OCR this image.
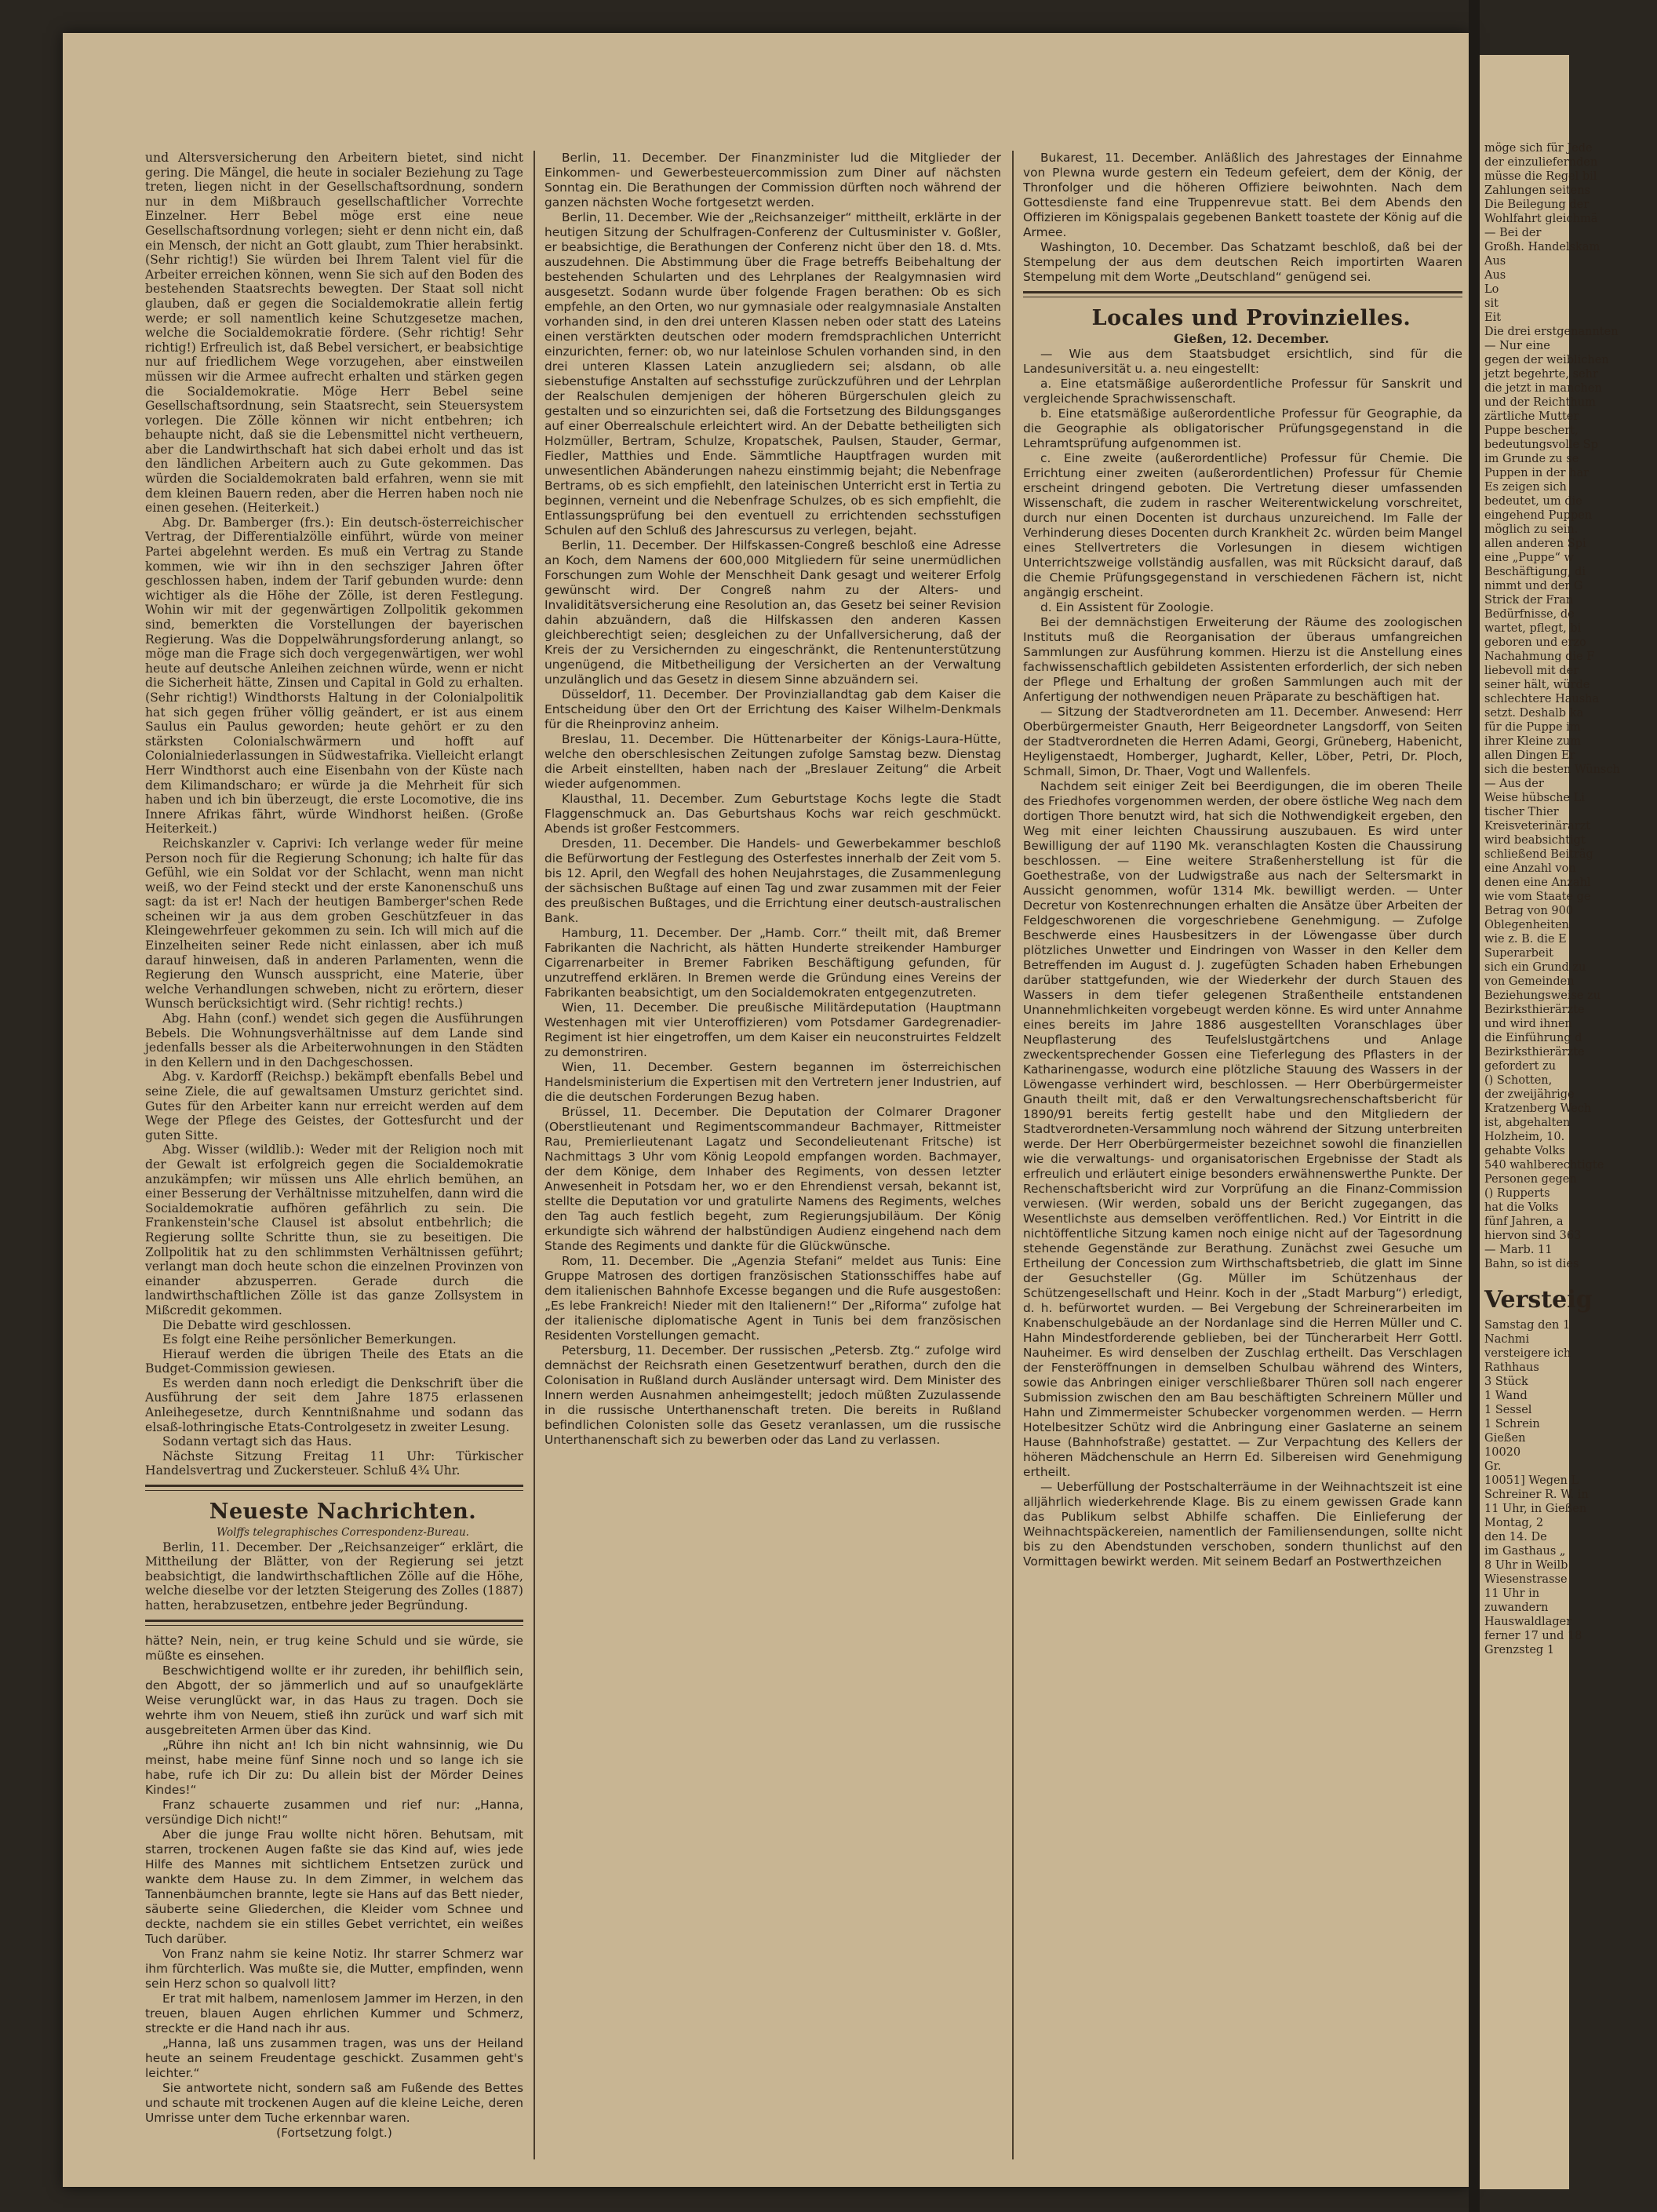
und Altersversicherung den Arbeitern bietet, sind nicht gering. Die Mängel, die heute in socialer Beziehung zu Tage treten, liegen nicht in der Gesellschaftsordnung, sondern nur in dem Mißbrauch gesellschaftlicher Vorrechte Einzelner. Herr Bebel möge erst eine neue Gesellschaftsordnung vorlegen; sieht er denn nicht ein, daß ein Mensch, der nicht an Gott glaubt, zum Thier herabsinkt. (Sehr richtig!) Sie würden bei Ihrem Talent viel für die Arbeiter erreichen können, wenn Sie sich auf den Boden des bestehenden Staatsrechts bewegten. Der Staat soll nicht glauben, daß er gegen die Socialdemokratie allein fertig werde; er soll namentlich keine Schutzgesetze machen, welche die Socialdemokratie fördere. (Sehr richtig! Sehr richtig!) Erfreulich ist, daß Bebel versichert, er beabsichtige nur auf friedlichem Wege vorzugehen, aber einstweilen müssen wir die Armee aufrecht erhalten und stärken gegen die Socialdemokratie. Möge Herr Bebel seine Gesellschaftsordnung, sein Staatsrecht, sein Steuersystem vorlegen. Die Zölle können wir nicht entbehren; ich behaupte nicht, daß sie die Lebensmittel nicht vertheuern, aber die Landwirthschaft hat sich dabei erholt und das ist den ländlichen Arbeitern auch zu Gute gekommen. Das würden die Socialdemokraten bald erfahren, wenn sie mit dem kleinen Bauern reden, aber die Herren haben noch nie einen gesehen. (Heiterkeit.)

Abg. Dr. Bamberger (frs.): Ein deutsch-österreichischer Vertrag, der Differentialzölle einführt, würde von meiner Partei abgelehnt werden. Es muß ein Vertrag zu Stande kommen, wie wir ihn in den sechsziger Jahren öfter geschlossen haben, indem der Tarif gebunden wurde: denn wichtiger als die Höhe der Zölle, ist deren Festlegung. Wohin wir mit der gegenwärtigen Zollpolitik gekommen sind, bemerkten die Vorstellungen der bayerischen Regierung. Was die Doppelwährungsforderung anlangt, so möge man die Frage sich doch vergegenwärtigen, wer wohl heute auf deutsche Anleihen zeichnen würde, wenn er nicht die Sicherheit hätte, Zinsen und Capital in Gold zu erhalten. (Sehr richtig!) Windthorsts Haltung in der Colonialpolitik hat sich gegen früher völlig geändert, er ist aus einem Saulus ein Paulus geworden; heute gehört er zu den stärksten Colonialschwärmern und hofft auf Colonialniederlassungen in Südwestafrika. Vielleicht erlangt Herr Windthorst auch eine Eisenbahn von der Küste nach dem Kilimandscharo; er würde ja die Mehrheit für sich haben und ich bin überzeugt, die erste Locomotive, die ins Innere Afrikas fährt, würde Windhorst heißen. (Große Heiterkeit.)

Reichskanzler v. Caprivi: Ich verlange weder für meine Person noch für die Regierung Schonung; ich halte für das Gefühl, wie ein Soldat vor der Schlacht, wenn man nicht weiß, wo der Feind steckt und der erste Kanonenschuß uns sagt: da ist er! Nach der heutigen Bamberger'schen Rede scheinen wir ja aus dem groben Geschützfeuer in das Kleingewehrfeuer gekommen zu sein. Ich will mich auf die Einzelheiten seiner Rede nicht einlassen, aber ich muß darauf hinweisen, daß in anderen Parlamenten, wenn die Regierung den Wunsch ausspricht, eine Materie, über welche Verhandlungen schweben, nicht zu erörtern, dieser Wunsch berücksichtigt wird. (Sehr richtig! rechts.)

Abg. Hahn (conf.) wendet sich gegen die Ausführungen Bebels. Die Wohnungsverhältnisse auf dem Lande sind jedenfalls besser als die Arbeiterwohnungen in den Städten in den Kellern und in den Dachgeschossen.

Abg. v. Kardorff (Reichsp.) bekämpft ebenfalls Bebel und seine Ziele, die auf gewaltsamen Umsturz gerichtet sind. Gutes für den Arbeiter kann nur erreicht werden auf dem Wege der Pflege des Geistes, der Gottesfurcht und der guten Sitte.

Abg. Wisser (wildlib.): Weder mit der Religion noch mit der Gewalt ist erfolgreich gegen die Socialdemokratie anzukämpfen; wir müssen uns Alle ehrlich bemühen, an einer Besserung der Verhältnisse mitzuhelfen, dann wird die Socialdemokratie aufhören gefährlich zu sein. Die Frankenstein'sche Clausel ist absolut entbehrlich; die Regierung sollte Schritte thun, sie zu beseitigen. Die Zollpolitik hat zu den schlimmsten Verhältnissen geführt; verlangt man doch heute schon die einzelnen Provinzen von einander abzusperren. Gerade durch die landwirthschaftlichen Zölle ist das ganze Zollsystem in Mißcredit gekommen.

Die Debatte wird geschlossen.

Es folgt eine Reihe persönlicher Bemerkungen.

Hierauf werden die übrigen Theile des Etats an die Budget-Commission gewiesen.

Es werden dann noch erledigt die Denkschrift über die Ausführung der seit dem Jahre 1875 erlassenen Anleihegesetze, durch Kenntnißnahme und sodann das elsaß-lothringische Etats-Controlgesetz in zweiter Lesung.

Sodann vertagt sich das Haus.

Nächste Sitzung Freitag 11 Uhr: Türkischer Handelsvertrag und Zuckersteuer. Schluß 4³⁄₄ Uhr.

Neueste Nachrichten.

Wolffs telegraphisches Correspondenz-Bureau.

Berlin, 11. December. Der „Reichsanzeiger“ erklärt, die Mittheilung der Blätter, von der Regierung sei jetzt beabsichtigt, die landwirthschaftlichen Zölle auf die Höhe, welche dieselbe vor der letzten Steigerung des Zolles (1887) hatten, herabzusetzen, entbehre jeder Begründung.

hätte? Nein, nein, er trug keine Schuld und sie würde, sie müßte es einsehen.

Beschwichtigend wollte er ihr zureden, ihr behilflich sein, den Abgott, der so jämmerlich und auf so unaufgeklärte Weise verunglückt war, in das Haus zu tragen. Doch sie wehrte ihm von Neuem, stieß ihn zurück und warf sich mit ausgebreiteten Armen über das Kind.

„Rühre ihn nicht an! Ich bin nicht wahnsinnig, wie Du meinst, habe meine fünf Sinne noch und so lange ich sie habe, rufe ich Dir zu: Du allein bist der Mörder Deines Kindes!“

Franz schauerte zusammen und rief nur: „Hanna, versündige Dich nicht!“

Aber die junge Frau wollte nicht hören. Behutsam, mit starren, trockenen Augen faßte sie das Kind auf, wies jede Hilfe des Mannes mit sichtlichem Entsetzen zurück und wankte dem Hause zu. In dem Zimmer, in welchem das Tannenbäumchen brannte, legte sie Hans auf das Bett nieder, säuberte seine Gliederchen, die Kleider vom Schnee und deckte, nachdem sie ein stilles Gebet verrichtet, ein weißes Tuch darüber.

Von Franz nahm sie keine Notiz. Ihr starrer Schmerz war ihm fürchterlich. Was mußte sie, die Mutter, empfinden, wenn sein Herz schon so qualvoll litt?

Er trat mit halbem, namenlosem Jammer im Herzen, in den treuen, blauen Augen ehrlichen Kummer und Schmerz, streckte er die Hand nach ihr aus.

„Hanna, laß uns zusammen tragen, was uns der Heiland heute an seinem Freudentage geschickt. Zusammen geht's leichter.“

Sie antwortete nicht, sondern saß am Fußende des Bettes und schaute mit trockenen Augen auf die kleine Leiche, deren Umrisse unter dem Tuche erkennbar waren.

(Fortsetzung folgt.)

Berlin, 11. December. Der Finanzminister lud die Mitglieder der Einkommen- und Gewerbesteuercommission zum Diner auf nächsten Sonntag ein. Die Berathungen der Commission dürften noch während der ganzen nächsten Woche fortgesetzt werden.

Berlin, 11. December. Wie der „Reichsanzeiger“ mittheilt, erklärte in der heutigen Sitzung der Schulfragen-Conferenz der Cultusminister v. Goßler, er beabsichtige, die Berathungen der Conferenz nicht über den 18. d. Mts. auszudehnen. Die Abstimmung über die Frage betreffs Beibehaltung der bestehenden Schularten und des Lehrplanes der Realgymnasien wird ausgesetzt. Sodann wurde über folgende Fragen berathen: Ob es sich empfehle, an den Orten, wo nur gymnasiale oder realgymnasiale Anstalten vorhanden sind, in den drei unteren Klassen neben oder statt des Lateins einen verstärkten deutschen oder modern fremdsprachlichen Unterricht einzurichten, ferner: ob, wo nur lateinlose Schulen vorhanden sind, in den drei unteren Klassen Latein anzugliedern sei; alsdann, ob alle siebenstufige Anstalten auf sechsstufige zurückzuführen und der Lehrplan der Realschulen demjenigen der höheren Bürgerschulen gleich zu gestalten und so einzurichten sei, daß die Fortsetzung des Bildungsganges auf einer Oberrealschule erleichtert wird. An der Debatte betheiligten sich Holzmüller, Bertram, Schulze, Kropatschek, Paulsen, Stauder, Germar, Fiedler, Matthies und Ende. Sämmtliche Hauptfragen wurden mit unwesentlichen Abänderungen nahezu einstimmig bejaht; die Nebenfrage Bertrams, ob es sich empfiehlt, den lateinischen Unterricht erst in Tertia zu beginnen, verneint und die Nebenfrage Schulzes, ob es sich empfiehlt, die Entlassungsprüfung bei den eventuell zu errichtenden sechsstufigen Schulen auf den Schluß des Jahrescursus zu verlegen, bejaht.

Berlin, 11. December. Der Hilfskassen-Congreß beschloß eine Adresse an Koch, dem Namens der 600,000 Mitgliedern für seine unermüdlichen Forschungen zum Wohle der Menschheit Dank gesagt und weiterer Erfolg gewünscht wird. Der Congreß nahm zu der Alters- und Invaliditätsversicherung eine Resolution an, das Gesetz bei seiner Revision dahin abzuändern, daß die Hilfskassen den anderen Kassen gleichberechtigt seien; desgleichen zu der Unfallversicherung, daß der Kreis der zu Versichernden zu eingeschränkt, die Rentenunterstützung ungenügend, die Mitbetheiligung der Versicherten an der Verwaltung unzulänglich und das Gesetz in diesem Sinne abzuändern sei.

Düsseldorf, 11. December. Der Provinziallandtag gab dem Kaiser die Entscheidung über den Ort der Errichtung des Kaiser Wilhelm-Denkmals für die Rheinprovinz anheim.

Breslau, 11. December. Die Hüttenarbeiter der Königs-Laura-Hütte, welche den oberschlesischen Zeitungen zufolge Samstag bezw. Dienstag die Arbeit einstellten, haben nach der „Breslauer Zeitung“ die Arbeit wieder aufgenommen.

Klausthal, 11. December. Zum Geburtstage Kochs legte die Stadt Flaggenschmuck an. Das Geburtshaus Kochs war reich geschmückt. Abends ist großer Festcommers.

Dresden, 11. December. Die Handels- und Gewerbekammer beschloß die Befürwortung der Festlegung des Osterfestes innerhalb der Zeit vom 5. bis 12. April, den Wegfall des hohen Neujahrstages, die Zusammenlegung der sächsischen Bußtage auf einen Tag und zwar zusammen mit der Feier des preußischen Bußtages, und die Errichtung einer deutsch-australischen Bank.

Hamburg, 11. December. Der „Hamb. Corr.“ theilt mit, daß Bremer Fabrikanten die Nachricht, als hätten Hunderte streikender Hamburger Cigarrenarbeiter in Bremer Fabriken Beschäftigung gefunden, für unzutreffend erklären. In Bremen werde die Gründung eines Vereins der Fabrikanten beabsichtigt, um den Socialdemokraten entgegenzutreten.

Wien, 11. December. Die preußische Militärdeputation (Hauptmann Westenhagen mit vier Unteroffizieren) vom Potsdamer Gardegrenadier-Regiment ist hier eingetroffen, um dem Kaiser ein neuconstruirtes Feldzelt zu demonstriren.

Wien, 11. December. Gestern begannen im österreichischen Handelsministerium die Expertisen mit den Vertretern jener Industrien, auf die die deutschen Forderungen Bezug haben.

Brüssel, 11. December. Die Deputation der Colmarer Dragoner (Oberstlieutenant und Regimentscommandeur Bachmayer, Rittmeister Rau, Premierlieutenant Lagatz und Secondelieutenant Fritsche) ist Nachmittags 3 Uhr vom König Leopold empfangen worden. Bachmayer, der dem Könige, dem Inhaber des Regiments, von dessen letzter Anwesenheit in Potsdam her, wo er den Ehrendienst versah, bekannt ist, stellte die Deputation vor und gratulirte Namens des Regiments, welches den Tag auch festlich begeht, zum Regierungsjubiläum. Der König erkundigte sich während der halbstündigen Audienz eingehend nach dem Stande des Regiments und dankte für die Glückwünsche.

Rom, 11. December. Die „Agenzia Stefani“ meldet aus Tunis: Eine Gruppe Matrosen des dortigen französischen Stationsschiffes habe auf dem italienischen Bahnhofe Excesse begangen und die Rufe ausgestoßen: „Es lebe Frankreich! Nieder mit den Italienern!“ Der „Riforma“ zufolge hat der italienische diplomatische Agent in Tunis bei dem französischen Residenten Vorstellungen gemacht.

Petersburg, 11. December. Der russischen „Petersb. Ztg.“ zufolge wird demnächst der Reichsrath einen Gesetzentwurf berathen, durch den die Colonisation in Rußland durch Ausländer untersagt wird. Dem Minister des Innern werden Ausnahmen anheimgestellt; jedoch müßten Zuzulassende in die russische Unterthanenschaft treten. Die bereits in Rußland befindlichen Colonisten solle das Gesetz veranlassen, um die russische Unterthanenschaft sich zu bewerben oder das Land zu verlassen.

Bukarest, 11. December. Anläßlich des Jahrestages der Einnahme von Plewna wurde gestern ein Tedeum gefeiert, dem der König, der Thronfolger und die höheren Offiziere beiwohnten. Nach dem Gottesdienste fand eine Truppenrevue statt. Bei dem Abends den Offizieren im Königspalais gegebenen Bankett toastete der König auf die Armee.

Washington, 10. December. Das Schatzamt beschloß, daß bei der Stempelung der aus dem deutschen Reich importirten Waaren Stempelung mit dem Worte „Deutschland“ genügend sei.

Locales und Provinzielles.

Gießen, 12. December.

— Wie aus dem Staatsbudget ersichtlich, sind für die Landesuniversität u. a. neu eingestellt:

a. Eine etatsmäßige außerordentliche Professur für Sanskrit und vergleichende Sprachwissenschaft.

b. Eine etatsmäßige außerordentliche Professur für Geographie, da die Geographie als obligatorischer Prüfungsgegenstand in die Lehramtsprüfung aufgenommen ist.

c. Eine zweite (außerordentliche) Professur für Chemie. Die Errichtung einer zweiten (außerordentlichen) Professur für Chemie erscheint dringend geboten. Die Vertretung dieser umfassenden Wissenschaft, die zudem in rascher Weiterentwickelung vorschreitet, durch nur einen Docenten ist durchaus unzureichend. Im Falle der Verhinderung dieses Docenten durch Krankheit 2c. würden beim Mangel eines Stellvertreters die Vorlesungen in diesem wichtigen Unterrichtszweige vollständig ausfallen, was mit Rücksicht darauf, daß die Chemie Prüfungsgegenstand in verschiedenen Fächern ist, nicht angängig erscheint.

d. Ein Assistent für Zoologie.

Bei der demnächstigen Erweiterung der Räume des zoologischen Instituts muß die Reorganisation der überaus umfangreichen Sammlungen zur Ausführung kommen. Hierzu ist die Anstellung eines fachwissenschaftlich gebildeten Assistenten erforderlich, der sich neben der Pflege und Erhaltung der großen Sammlungen auch mit der Anfertigung der nothwendigen neuen Präparate zu beschäftigen hat.

— Sitzung der Stadtverordneten am 11. December. Anwesend: Herr Oberbürgermeister Gnauth, Herr Beigeordneter Langsdorff, von Seiten der Stadtverordneten die Herren Adami, Georgi, Grüneberg, Habenicht, Heyligenstaedt, Homberger, Jughardt, Keller, Löber, Petri, Dr. Ploch, Schmall, Simon, Dr. Thaer, Vogt und Wallenfels.

Nachdem seit einiger Zeit bei Beerdigungen, die im oberen Theile des Friedhofes vorgenommen werden, der obere östliche Weg nach dem dortigen Thore benutzt wird, hat sich die Nothwendigkeit ergeben, den Weg mit einer leichten Chaussirung auszubauen. Es wird unter Bewilligung der auf 1190 Mk. veranschlagten Kosten die Chaussirung beschlossen. — Eine weitere Straßenherstellung ist für die Goethestraße, von der Ludwigstraße aus nach der Seltersmarkt in Aussicht genommen, wofür 1314 Mk. bewilligt werden. — Unter Decretur von Kostenrechnungen erhalten die Ansätze über Arbeiten der Feldgeschworenen die vorgeschriebene Genehmigung. — Zufolge Beschwerde eines Hausbesitzers in der Löwengasse über durch plötzliches Unwetter und Eindringen von Wasser in den Keller dem Betreffenden im August d. J. zugefügten Schaden haben Erhebungen darüber stattgefunden, wie der Wiederkehr der durch Stauen des Wassers in dem tiefer gelegenen Straßentheile entstandenen Unannehmlichkeiten vorgebeugt werden könne. Es wird unter Annahme eines bereits im Jahre 1886 ausgestellten Voranschlages über Neupflasterung des Teufelslustgärtchens und Anlage zweckentsprechender Gossen eine Tieferlegung des Pflasters in der Katharinengasse, wodurch eine plötzliche Stauung des Wassers in der Löwengasse verhindert wird, beschlossen. — Herr Oberbürgermeister Gnauth theilt mit, daß er den Verwaltungsrechenschaftsbericht für 1890/91 bereits fertig gestellt habe und den Mitgliedern der Stadtverordneten-Versammlung noch während der Sitzung unterbreiten werde. Der Herr Oberbürgermeister bezeichnet sowohl die finanziellen wie die verwaltungs- und organisatorischen Ergebnisse der Stadt als erfreulich und erläutert einige besonders erwähnenswerthe Punkte. Der Rechenschaftsbericht wird zur Vorprüfung an die Finanz-Commission verwiesen. (Wir werden, sobald uns der Bericht zugegangen, das Wesentlichste aus demselben veröffentlichen. Red.) Vor Eintritt in die nichtöffentliche Sitzung kamen noch einige nicht auf der Tagesordnung stehende Gegenstände zur Berathung. Zunächst zwei Gesuche um Ertheilung der Concession zum Wirthschaftsbetrieb, die glatt im Sinne der Gesuchsteller (Gg. Müller im Schützenhaus der Schützengesellschaft und Heinr. Koch in der „Stadt Marburg“) erledigt, d. h. befürwortet wurden. — Bei Vergebung der Schreinerarbeiten im Knabenschulgebäude an der Nordanlage sind die Herren Müller und C. Hahn Mindestforderende geblieben, bei der Tüncherarbeit Herr Gottl. Nauheimer. Es wird denselben der Zuschlag ertheilt. Das Verschlagen der Fensteröffnungen in demselben Schulbau während des Winters, sowie das Anbringen einiger verschließbarer Thüren soll nach engerer Submission zwischen den am Bau beschäftigten Schreinern Müller und Hahn und Zimmermeister Schubecker vorgenommen werden. — Herrn Hotelbesitzer Schütz wird die Anbringung einer Gaslaterne an seinem Hause (Bahnhofstraße) gestattet. — Zur Verpachtung des Kellers der höheren Mädchenschule an Herrn Ed. Silbereisen wird Genehmigung ertheilt.

— Ueberfüllung der Postschalterräume in der Weihnachtszeit ist eine alljährlich wiederkehrende Klage. Bis zu einem gewissen Grade kann das Publikum selbst Abhilfe schaffen. Die Einlieferung der Weihnachtspäckereien, namentlich der Familiensendungen, sollte nicht bis zu den Abendstunden verschoben, sondern thunlichst auf den Vormittagen bewirkt werden. Mit seinem Bedarf an Postwerthzeichen

möge sich für Jede

der einzuliefernden

müsse die Regel bil

Zahlungen seitens

Die Beilegung der

Wohlfahrt gleichmä

— Bei der

Großh. Handelskam

Aus

Aus

Lo

sit

Eit

Die drei erstgenannten

— Nur eine

gegen der weiblichen

jetzt begehrte, sehr

die jetzt in manchen

und der Reichthum

zärtliche Mutter

Puppe beschert,

bedeutungsvolle Sp

im Grunde zu se

Puppen in der har

Es zeigen sich

bedeutet, um die

eingehend Puppen

möglich zu sein.

allen anderen Spi

eine „Puppe“ w

Beschäftigung, di

nimmt und der G

Strick der Fran

Bedürfnisse, de

wartet, pflegt, bi

geboren und erzo

Nachahmung die F

liebevoll mit der

seiner hält, würde

schlechtere Hausha

setzt. Deshalb ka

für die Puppe im

ihrer Kleine zum

allen Dingen Er

sich die besten Wünsch

— Aus der

Weise hübsche Li

tischer Thier

Kreisveterinärarzt

wird beabsichtigt

schließend Beiträg

eine Anzahl von

denen eine Anzahl

wie vom Staate ge

Betrag von 900

Oblegenheiten

wie z. B. die E

Superarbeit

sich ein Grund zu

von Gemeinden

Beziehungsweise zu

Bezirksthierärzte

und wird ihnen

die Einführung d

Bezirksthierärzte

gefordert zu

() Schotten,

der zweijährige

Kratzenberg Wech

ist, abgehalten

Holzheim, 10.

gehabte Volks

540 wahlberechtigte

Personen gegen

() Rupperts

hat die Volks

fünf Jahren, a

hiervon sind 363

— Marb. 11

Bahn, so ist dies

Versteig

Samstag den 1

Nachmi

versteigere ich

Rathhaus

3 Stück

1 Wand

1 Sessel

1 Schrein

Gießen

10020

Gr.

10051] Wegen L

Schreiner R. W. in

11 Uhr, in Gießen

Montag, 2

den 14. De

im Gasthaus „

8 Uhr in Weilb

Wiesenstrasse

11 Uhr in

zuwandern

Hauswaldlager

ferner 17 und 18

Grenzsteg 1
